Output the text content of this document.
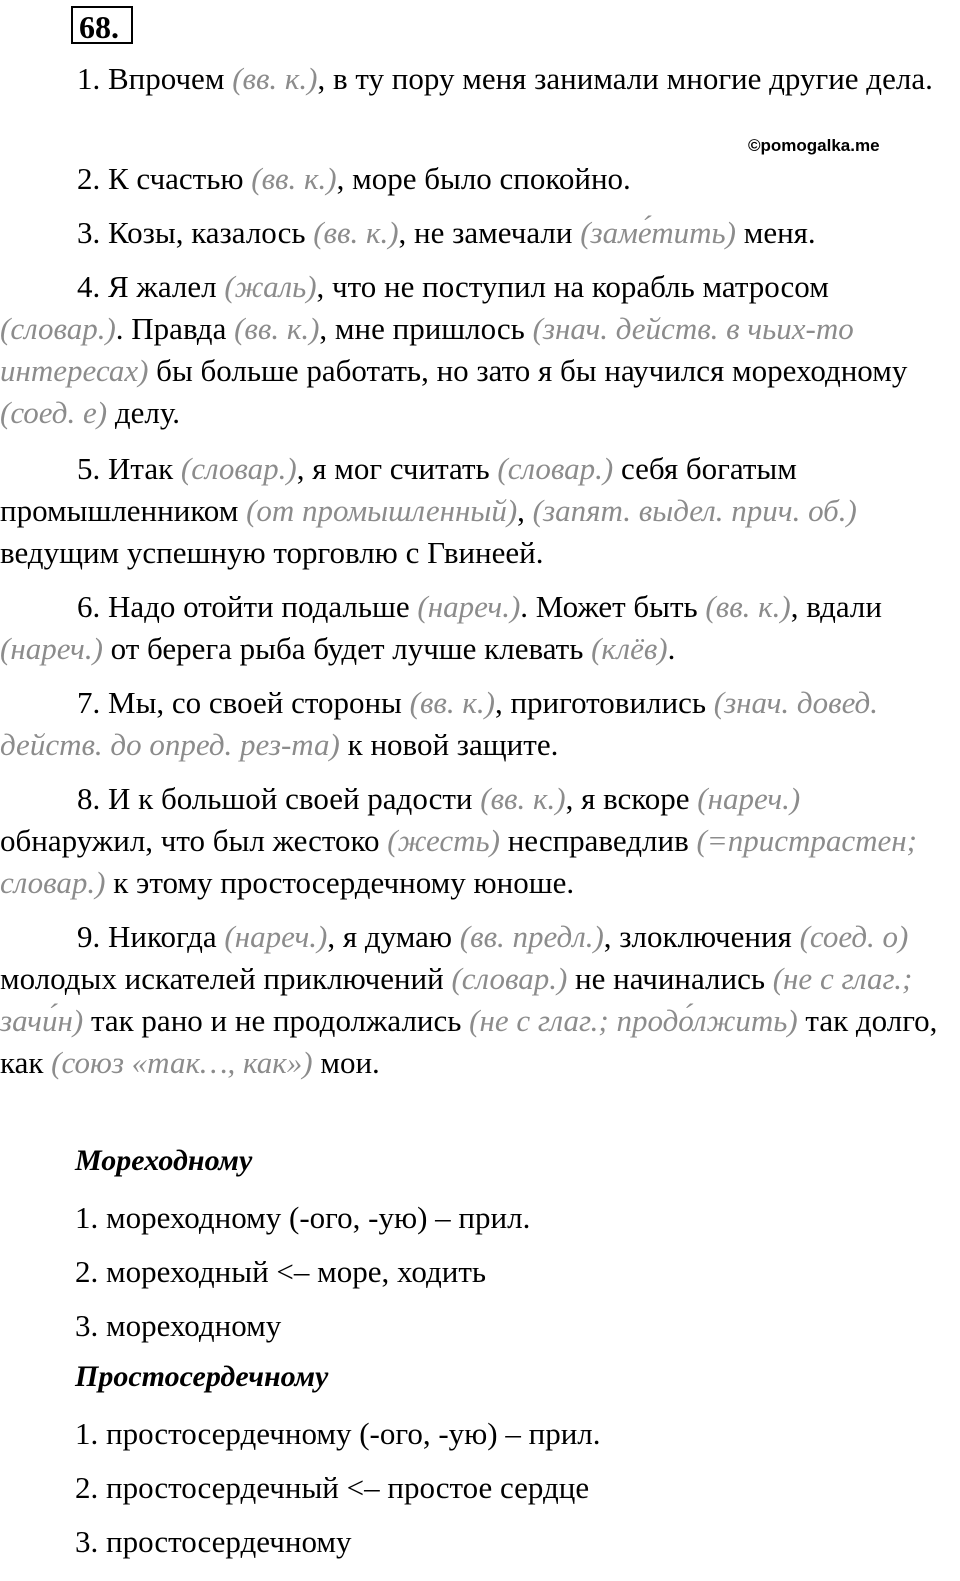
68.
©pomogalka.me
1. Впрочем (вв. к.), в ту пору меня занимали многие другие дела.
2. К счастью (вв. к.), море было спокойно.
3. Козы, казалось (вв. к.), не замечали (заме́тить) меня.
4. Я жалел (жаль), что не поступил на корабль матросом (словар.). Правда (вв. к.), мне пришлось (знач. действ. в чьих-то интересах) бы больше работать, но зато я бы научился мореходному (соед. е) делу.
5. Итак (словар.), я мог считать (словар.) себя богатым промышленником (от промышленный), (запят. выдел. прич. об.) ведущим успешную торговлю с Гвинеей.
6. Надо отойти подальше (нареч.). Может быть (вв. к.), вдали (нареч.) от берега рыба будет лучше клевать (клёв).
7. Мы, со своей стороны (вв. к.), приготовились (знач. довед. действ. до опред. рез-та) к новой защите.
8. И к большой своей радости (вв. к.), я вскоре (нареч.) обнаружил, что был жестоко (жесть) несправедлив (=пристрастен; словар.) к этому простосердечному юноше.
9. Никогда (нареч.), я думаю (вв. предл.), злоключения (соед. о) молодых искателей приключений (словар.) не начинались (не с глаг.; зачи́н) так рано и не продолжались (не с глаг.; продо́лжить) так долго, как (союз «так…, как») мои.
Мореходному
1. мореходному (-ого, -ую) – прил.
2. мореходный <– море, ходить
3. мореходному
Простосердечному
1. простосердечному (-ого, -ую) – прил.
2. простосердечный <– простое сердце
3. простосердечному
